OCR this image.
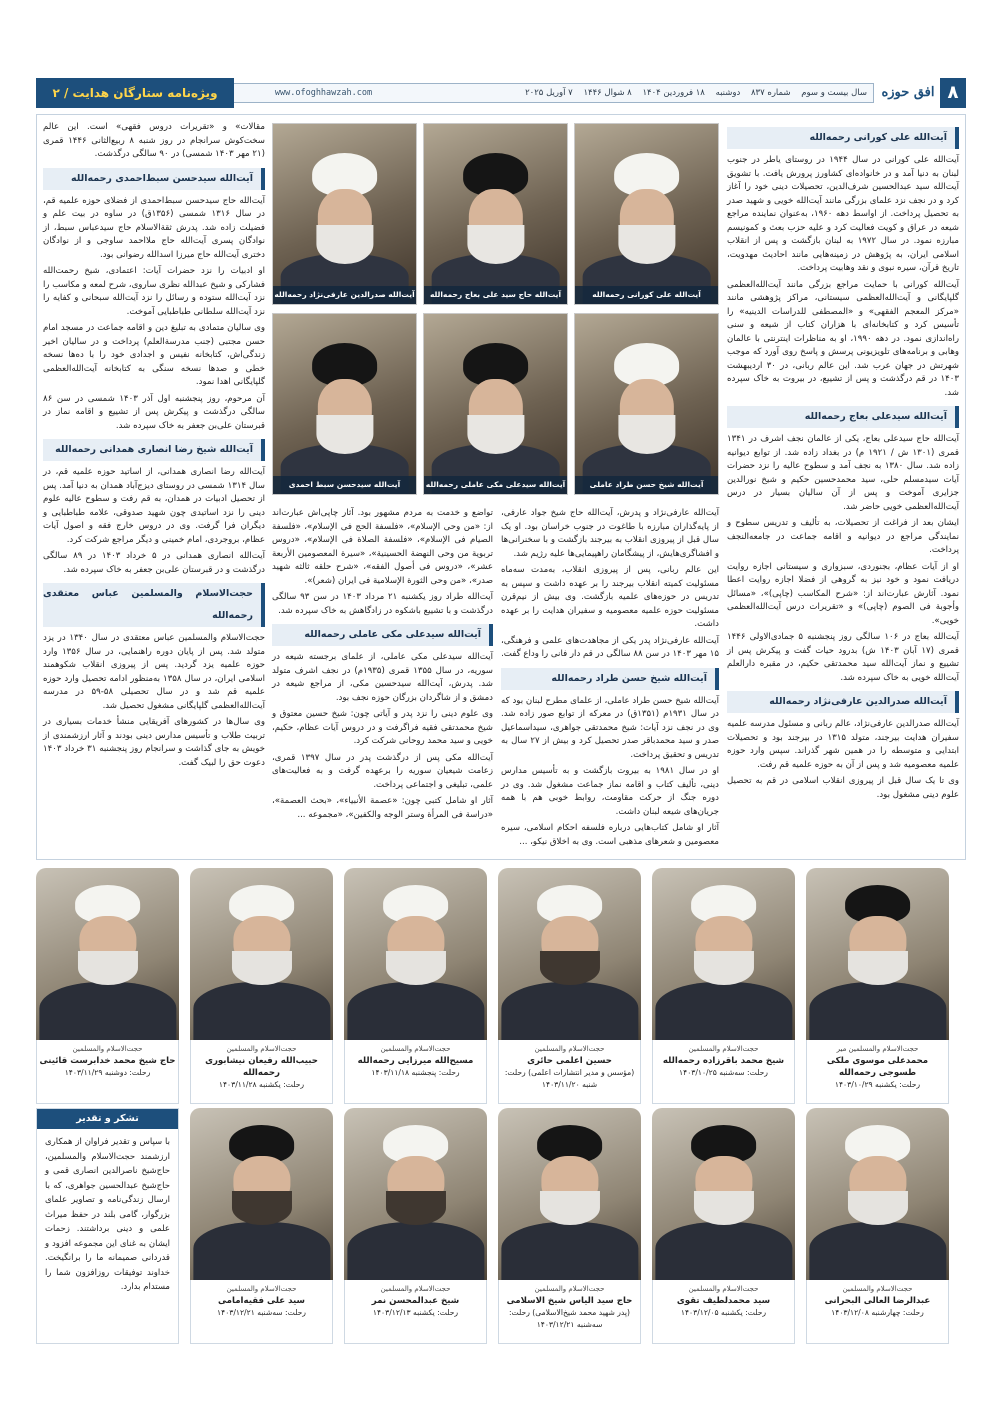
۸
افق حوزه
سال بیست و سوم شماره ۸۳۷ دوشنبه ۱۸ فروردین ۱۴۰۴ ۸ شوال ۱۴۴۶ ۷ آوریل ۲۰۲۵
www.ofoghhawzah.com
ویژه‌نامه ستارگان هدایت / ۲
آیت‌الله علی کورانی رحمه‌الله

آیت‌الله علی کورانی در سال ۱۹۴۴ در روستای یاطر در جنوب لبنان به دنیا آمد و در خانواده‌ای کشاورز پرورش یافت. با تشویق آیت‌الله سید عبدالحسین شرف‌الدین، تحصیلات دینی خود را آغاز کرد و در نجف نزد علمای بزرگی مانند آیت‌الله خویی و شهید صدر به تحصیل پرداخت. از اواسط دهه ۱۹۶۰، به‌عنوان نماینده مراجع شیعه در عراق و کویت فعالیت کرد و علیه حزب بعث و کمونیسم مبارزه نمود. در سال ۱۹۷۲ به لبنان بازگشت و پس از انقلاب اسلامی ایران، به پژوهش در زمینه‌هایی مانند احادیث مهدویت، تاریخ قرآن، سیره نبوی و نقد وهابیت پرداخت.

آیت‌الله کورانی با حمایت مراجع بزرگی مانند آیت‌الله‌العظمی گلپایگانی و آیت‌الله‌العظمی سیستانی، مراکز پژوهشی مانند «مرکز المعجم الفقهی» و «المصطفی للدراسات الدینیه» را تأسیس کرد و کتابخانه‌ای با هزاران کتاب از شیعه و سنی راه‌اندازی نمود. در دهه ۱۹۹۰، او به مناظرات اینترنتی با عالمان وهابی و برنامه‌های تلویزیونی پرسش و پاسخ روی آورد که موجب شهرتش در جهان عرب شد. این عالم ربانی، در ۳۰ اردیبهشت ۱۴۰۳ در قم درگذشت و پس از تشییع، در بیروت به خاک سپرده شد.

آیت‌الله سیدعلی بعاج رحمه‌الله

آیت‌الله حاج سیدعلی بعاج، یکی از عالمان نجف اشرف در ۱۳۴۱ قمری (۱۳۰۱ ش / ۱۹۲۱ م) در بغداد زاده شد. از توابع دیوانیه زاده شد. سال ۱۳۸۰ به نجف آمد و سطوح عالیه را نزد حضرات آیات سیدمسلم حلی، سید محمدحسین حکیم و شیخ نورالدین جزایری آموخت و پس از آن سالیان بسیار در درس آیت‌الله‌العظمی خویی حاضر شد.

ایشان بعد از فراغت از تحصیلات، به تألیف و تدریس سطوح و نمایندگی مراجع در دیوانیه و اقامه جماعت در جامعه‌النجف پرداخت.

او از آیات عظام، بجنوردی، سبزواری و سیستانی اجازه روایت دریافت نمود و خود نیز به گروهی از فضلا اجازه روایت اعطا نمود. آثارش عبارت‌اند از: «شرح المکاسب (چاپی)»، «مسائل وأجوبة فی الصوم (چاپی)» و «تقریرات درس آیت‌الله‌العظمی خویی».

آیت‌الله بعاج در ۱۰۶ سالگی روز پنجشنبه ۵ جمادی‌الاولی ۱۴۴۶ قمری (۱۷ آبان ۱۴۰۳ ش) بدرود حیات گفت و پیکرش پس از تشییع و نماز آیت‌الله سید محمدتقی حکیم، در مقبره دارالعلم آیت‌الله خویی به خاک سپرده شد.

آیت‌الله صدرالدین عارفی‌نژاد رحمه‌الله

آیت‌الله صدرالدین عارفی‌نژاد، عالم ربانی و مسئول مدرسه علمیه سفیران هدایت بیرجند، متولد ۱۳۱۵ در بیرجند بود و تحصیلات ابتدایی و متوسطه را در همین شهر گذراند. سپس وارد حوزه علمیه معصومیه شد و پس از آن به حوزه علمیه قم رفت.

وی تا یک سال قبل از پیروزی انقلاب اسلامی در قم به تحصیل علوم دینی مشغول بود.

آیت‌الله علی کورانی رحمه‌الله
آیت‌الله حاج سید علی بعاج رحمه‌الله
آیت‌الله صدرالدین عارفی‌نژاد رحمه‌الله
آیت‌الله شیخ حسن طراد عاملی رحمه‌الله
آیت‌الله سیدعلی مکی عاملی رحمه‌الله
آیت‌الله سیدحسن سبط احمدی رحمه‌الله

آیت‌الله عارفی‌نژاد و پدرش، آیت‌الله حاج شیخ جواد عارفی، از پایه‌گذاران مبارزه با طاغوت در جنوب خراسان بود. او یک سال قبل از پیروزی انقلاب به بیرجند بازگشت و با سخنرانی‌ها و افشاگری‌هایش، از پیشگامان راهپیمایی‌ها علیه رژیم شد.

این عالم ربانی، پس از پیروزی انقلاب، به‌مدت سه‌ماه مسئولیت کمیته انقلاب بیرجند را بر عهده داشت و سپس به تدریس در حوزه‌های علمیه بازگشت. وی بیش از نیم‌قرن مسئولیت حوزه علمیه معصومیه و سفیران هدایت را بر عهده داشت.

آیت‌الله عارفی‌نژاد پدر یکی از مجاهدت‌های علمی و فرهنگی، ۱۵ مهر ۱۴۰۳ در سن ۸۸ سالگی در قم دار فانی را وداع گفت.

آیت‌الله شیخ حسن طراد رحمه‌الله

آیت‌الله شیخ حسن طراد عاملی، از علمای مطرح لبنان بود که در سال ۱۹۳۱م (۱۳۵۱ق) در معرکه از توابع صور زاده شد. وی در نجف نزد آیات: شیخ محمدتقی جواهری، سیداسماعیل صدر و سید محمدباقر صدر تحصیل کرد و بیش از ۲۷ سال به تدریس و تحقیق پرداخت.

او در سال ۱۹۸۱ به بیروت بازگشت و به تأسیس مدارس دینی، تألیف کتاب و اقامه نماز جماعت مشغول شد. وی در دوره جنگ از حرکت مقاومت، روابط خوبی هم با همه جریان‌های شیعه لبنان داشت.

آثار او شامل کتاب‌هایی درباره فلسفه احکام اسلامی، سیره معصومین و شعرهای مذهبی است. وی به اخلاق نیکو، ...

تواضع و خدمت به مردم مشهور بود. آثار چاپی‌اش عبارت‌اند از: «من وحی الإسلام»، «فلسفة الحج فی الإسلام»، «فلسفة الصیام فی الإسلام»، «فلسفة الصلاة فی الإسلام»، «دروس تربویة من وحی النهضة الحسینیة»، «سیرة المعصومین الأربعة عشر»، «دروس فی أصول الفقه»، «شرح حلقه ثالثه شهید صدر»، «من وحی الثورة الإسلامیة فی ایران (شعر)».

آیت‌الله طراد روز یکشنبه ۲۱ مرداد ۱۴۰۳ در سن ۹۳ سالگی درگذشت و با تشییع باشکوه در زادگاهش به خاک سپرده شد.

آیت‌الله سیدعلی مکی عاملی رحمه‌الله

آیت‌الله سیدعلی مکی عاملی، از علمای برجسته شیعه در سوریه، در سال ۱۳۵۵ قمری (۱۹۳۵م) در نجف اشرف متولد شد. پدرش، آیت‌الله سیدحسین مکی، از مراجع شیعه در دمشق و از شاگردان بزرگان حوزه نجف بود.

وی علوم دینی را نزد پدر و آیاتی چون: شیخ حسین معتوق و شیخ محمدتقی فقیه فراگرفت و در دروس آیات عظام، حکیم، خویی و سید محمد روحانی شرکت کرد.

آیت‌الله مکی پس از درگذشت پدر در سال ۱۳۹۷ قمری، زعامت شیعیان سوریه را برعهده گرفت و به فعالیت‌های علمی، تبلیغی و اجتماعی پرداخت.

آثار او شامل کتبی چون: «عصمة الأنبیاء»، «بحث العصمة»، «دراسة فی المرأة وستر الوجه والکفین»، «مجموعه ...

مقالات» و «تقریرات دروس فقهی» است. این عالم سخت‌کوش سرانجام در روز شنبه ۸ ربیع‌الثانی ۱۴۴۶ قمری (۲۱ مهر ۱۴۰۳ شمسی) در ۹۰ سالگی درگذشت.

آیت‌الله سیدحسن سبط‌احمدی رحمه‌الله

آیت‌الله حاج سیدحسن سبط‌احمدی از فضلای حوزه علمیه قم، در سال ۱۳۱۶ شمسی (۱۳۵۶ق) در ساوه در بیت علم و فضیلت زاده شد. پدرش ثقة‌الاسلام حاج سیدعباس سبط، از نوادگان پسری آیت‌الله حاج ملااحمد ساوجی و از نوادگان دختری آیت‌الله حاج میرزا اسدالله رضوانی بود.

او ادبیات را نزد حضرات آیات: اعتمادی، شیخ رحمت‌الله فشارکی و شیخ عبدالله نظری ساروی، شرح لمعه و مکاسب را نزد آیت‌الله ستوده و رسائل را نزد آیت‌الله سبحانی و کفایه را نزد آیت‌الله سلطانی طباطبایی آموخت.

وی سالیان متمادی به تبلیغ دین و اقامه جماعت در مسجد امام حسن مجتبی (جنب مدرسة‌العلم) پرداخت و در سالیان اخیر زندگی‌اش، کتابخانه نفیس و اجدادی خود را با ده‌ها نسخه خطی و صدها نسخه سنگی به کتابخانه آیت‌الله‌العظمی گلپایگانی اهدا نمود.

آن مرحوم، روز پنجشنبه اول آذر ۱۴۰۳ شمسی در سن ۸۶ سالگی درگذشت و پیکرش پس از تشییع و اقامه نماز در قبرستان علی‌بن جعفر به خاک سپرده شد.

آیت‌الله شیخ رضا انصاری همدانی رحمه‌الله

آیت‌الله رضا انصاری همدانی، از اساتید حوزه علمیه قم، در سال ۱۳۱۴ شمسی در روستای دیزج‌آباد همدان به دنیا آمد. پس از تحصیل ادبیات در همدان، به قم رفت و سطوح عالیه علوم دینی را نزد اساتیدی چون شهید صدوقی، علامه طباطبایی و دیگران فرا گرفت. وی در دروس خارج فقه و اصول آیات عظام، بروجردی، امام خمینی و دیگر مراجع شرکت کرد.

آیت‌الله انصاری همدانی در ۵ خرداد ۱۴۰۳ در ۸۹ سالگی درگذشت و در قبرستان علی‌بن جعفر به خاک سپرده شد.

حجت‌الاسلام والمسلمین عباس معتقدی رحمه‌الله

حجت‌الاسلام والمسلمین عباس معتقدی در سال ۱۳۴۰ در یزد متولد شد. پس از پایان دوره راهنمایی، در سال ۱۳۵۶ وارد حوزه علمیه یزد گردید. پس از پیروزی انقلاب شکوهمند اسلامی ایران، در سال ۱۳۵۸ به‌منظور ادامه تحصیل وارد حوزه علمیه قم شد و در سال تحصیلی ۵۸-۵۹ در مدرسه آیت‌الله‌العظمی گلپایگانی مشغول تحصیل شد.

وی سال‌ها در کشورهای آفریقایی منشأ خدمات بسیاری در تربیت طلاب و تأسیس مدارس دینی بودند و آثار ارزشمندی از خویش به جای گذاشت و سرانجام روز پنجشنبه ۳۱ خرداد ۱۴۰۳ دعوت حق را لبیک گفت.

حجت‌الاسلام والمسلمین میر
محمدعلی موسوی ملکی طسوجی رحمه‌الله
رحلت: یکشنبه ۱۴۰۳/۱۰/۲۹
حجت‌الاسلام والمسلمین
شیخ محمد باقرزاده رحمه‌الله
رحلت: سه‌شنبه ۱۴۰۳/۱۰/۲۵
حجت‌الاسلام والمسلمین
حسین اعلمی حائری
(مؤسس و مدیر انتشارات اعلمی) رحلت: شنبه ۱۴۰۳/۱۱/۲۰
حجت‌الاسلام والمسلمین
مسیح‌الله میرزایی رحمه‌الله
رحلت: پنجشنبه ۱۴۰۳/۱۱/۱۸
حجت‌الاسلام والمسلمین
حبیب‌الله رفیعان نیشابوری رحمه‌الله
رحلت: یکشنبه ۱۴۰۳/۱۱/۲۸
حجت‌الاسلام والمسلمین
حاج شیخ محمد خدابرست قائینی
رحلت: دوشنبه ۱۴۰۳/۱۱/۲۹
حجت‌الاسلام والمسلمین
عبدالرضا العالی البحرانی
رحلت: چهارشنبه ۱۴۰۳/۱۲/۰۸
حجت‌الاسلام والمسلمین
سید محمدلطیف تقوی
رحلت: یکشنبه ۱۴۰۳/۱۲/۰۵
حجت‌الاسلام والمسلمین
حاج سید الیاس شیخ الاسلامی
(پدر شهید محمد شیخ‌الاسلامی) رحلت: سه‌شنبه ۱۴۰۳/۱۲/۲۱
حجت‌الاسلام والمسلمین
شیخ عبدالمحسن نمر
رحلت: یکشنبه ۱۴۰۳/۱۲/۱۳
حجت‌الاسلام والمسلمین
سید علی فقیه‌امامی
رحلت: سه‌شنبه ۱۴۰۳/۱۲/۲۱
تشکر و تقدیر
با سپاس و تقدیر فراوان از همکاری ارزشمند حجت‌الاسلام والمسلمین، حاج‌شیخ ناصرالدین انصاری قمی و حاج‌شیخ عبدالحسین جواهری، که با ارسال زندگی‌نامه و تصاویر علمای بزرگوار، گامی بلند در حفظ میراث علمی و دینی برداشتند. زحمات ایشان به غنای این مجموعه افزود و قدردانی صمیمانه ما را برانگیخت. خداوند توفیقات روزافزون شما را مستدام بدارد.
